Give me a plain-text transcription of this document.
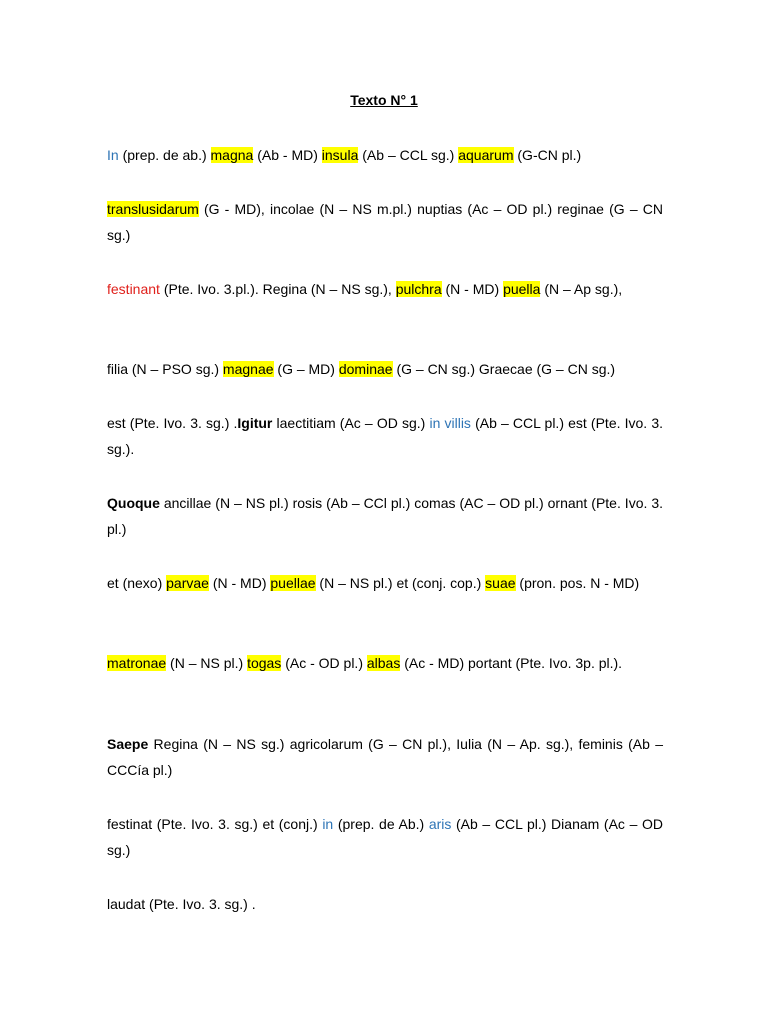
Texto N° 1
In (prep. de ab.) magna (Ab - MD) insula (Ab – CCL sg.) aquarum (G-CN pl.)
translusidarum (G - MD), incolae (N – NS m.pl.) nuptias (Ac – OD pl.) reginae (G – CN sg.)
festinant (Pte. Ivo. 3.pl.). Regina (N – NS sg.), pulchra (N - MD) puella (N – Ap sg.),
filia (N – PSO sg.) magnae (G – MD) dominae (G – CN sg.) Graecae (G – CN sg.)
est (Pte. Ivo. 3. sg.) .Igitur laectitiam (Ac – OD sg.) in villis (Ab – CCL pl.) est (Pte. Ivo. 3. sg.).
Quoque ancillae (N – NS pl.) rosis (Ab – CCl pl.) comas (AC – OD pl.) ornant (Pte. Ivo. 3. pl.)
et (nexo) parvae (N - MD) puellae (N – NS pl.) et (conj. cop.) suae (pron. pos. N - MD)
matronae (N – NS pl.) togas (Ac - OD pl.) albas (Ac - MD) portant (Pte. Ivo. 3p. pl.).
Saepe Regina (N – NS sg.) agricolarum (G – CN pl.), Iulia (N – Ap. sg.), feminis (Ab – CCCía pl.)
festinat (Pte. Ivo. 3. sg.) et (conj.) in (prep. de Ab.) aris (Ab – CCL pl.) Dianam (Ac – OD sg.)
laudat (Pte. Ivo. 3. sg.) .
